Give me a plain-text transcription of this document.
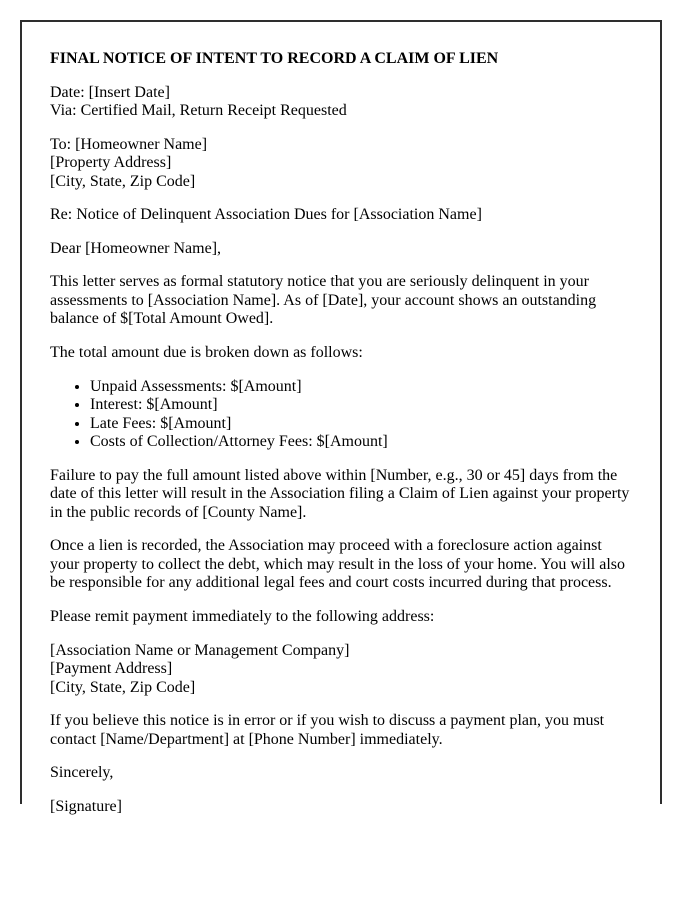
FINAL NOTICE OF INTENT TO RECORD A CLAIM OF LIEN

Date: [Insert Date]
Via: Certified Mail, Return Receipt Requested

To: [Homeowner Name]
[Property Address]
[City, State, Zip Code]

Re: Notice of Delinquent Association Dues for [Association Name]

Dear [Homeowner Name],

This letter serves as formal statutory notice that you are seriously delinquent in your assessments to [Association Name]. As of [Date], your account shows an outstanding balance of $[Total Amount Owed].

The total amount due is broken down as follows:

• Unpaid Assessments: $[Amount]
• Interest: $[Amount]
• Late Fees: $[Amount]
• Costs of Collection/Attorney Fees: $[Amount]

Failure to pay the full amount listed above within [Number, e.g., 30 or 45] days from the date of this letter will result in the Association filing a Claim of Lien against your property in the public records of [County Name].

Once a lien is recorded, the Association may proceed with a foreclosure action against your property to collect the debt, which may result in the loss of your home. You will also be responsible for any additional legal fees and court costs incurred during that process.

Please remit payment immediately to the following address:

[Association Name or Management Company]
[Payment Address]
[City, State, Zip Code]

If you believe this notice is in error or if you wish to discuss a payment plan, you must contact [Name/Department] at [Phone Number] immediately.

Sincerely,

[Signature]
